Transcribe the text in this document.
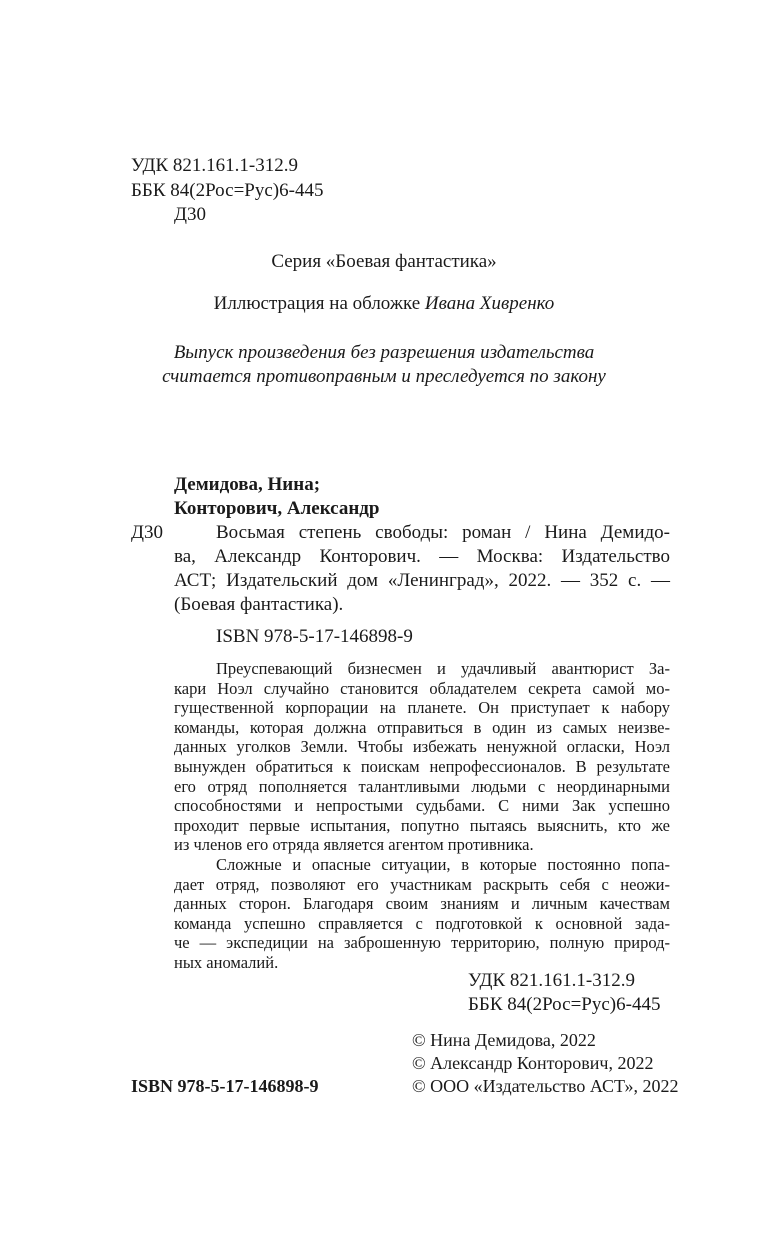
УДК 821.161.1-312.9
ББК 84(2Рос=Рус)6-445
Д30
Серия «Боевая фантастика»
Иллюстрация на обложке Ивана Хивренко
Выпуск произведения без разрешения издательства
считается противоправным и преследуется по закону
Демидова, Нина;
Конторович, Александр
Д30	Восьмая степень свободы: роман / Нина Демидо-
ва, Александр Конторович. — Москва: Издательство
АСТ; Издательский дом «Ленинград», 2022. — 352 с. —
(Боевая фантастика).
ISBN 978-5-17-146898-9
Преуспевающий бизнесмен и удачливый авантюрист За-
кари Ноэл случайно становится обладателем секрета самой мо-
гущественной корпорации на планете. Он приступает к набору
команды, которая должна отправиться в один из самых неизве-
данных уголков Земли. Чтобы избежать ненужной огласки, Ноэл
вынужден обратиться к поискам непрофессионалов. В результате
его отряд пополняется талантливыми людьми с неординарными
способностями и непростыми судьбами. С ними Зак успешно
проходит первые испытания, попутно пытаясь выяснить, кто же
из членов его отряда является агентом противника.
Сложные и опасные ситуации, в которые постоянно попа-
дает отряд, позволяют его участникам раскрыть себя с неожи-
данных сторон. Благодаря своим знаниям и личным качествам
команда успешно справляется с подготовкой к основной зада-
че — экспедиции на заброшенную территорию, полную природ-
ных аномалий.
УДК 821.161.1-312.9
ББК 84(2Рос=Рус)6-445
© Нина Демидова, 2022
© Александр Конторович, 2022
© ООО «Издательство АСТ», 2022
ISBN 978-5-17-146898-9
